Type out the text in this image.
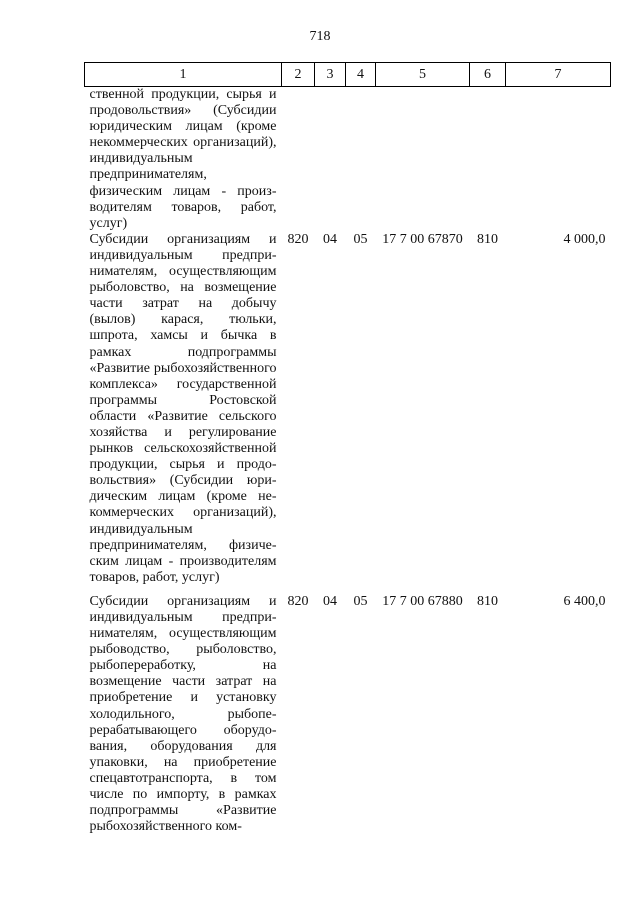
718
1	2	3	4	5	6	7
ственной продукции, сырья и продовольствия» (Субсидии юридическим лицам (кроме некоммерческих организаций), индивидуальным предпринимателям, физическим лицам - производителям товаров, работ, услуг)						
Субсидии организациям и индивидуальным предпринимателям, осуществляющим рыболовство, на возмещение части затрат на добычу (вылов) карася, тюльки, шпрота, хамсы и бычка в рамках подпрограммы «Развитие рыбохозяйственного комплекса» государственной программы Ростовской области «Развитие сельского хозяйства и регулирование рынков сельскохозяйственной продукции, сырья и продовольствия» (Субсидии юридическим лицам (кроме некоммерческих организаций), индивидуальным предпринимателям, физическим лицам - производителям товаров, работ, услуг)	820	04	05	17 7 00 67870	810	4 000,0
Субсидии организациям и индивидуальным предпринимателям, осуществляющим рыбоводство, рыболовство, рыбопереработку, на возмещение части затрат на приобретение и установку холодильного, рыбоперерабатывающего оборудования, оборудования для упаковки, на приобретение спецавтотранспорта, в том числе по импорту, в рамках подпрограммы «Развитие рыбохозяйственного ком-	820	04	05	17 7 00 67880	810	6 400,0
